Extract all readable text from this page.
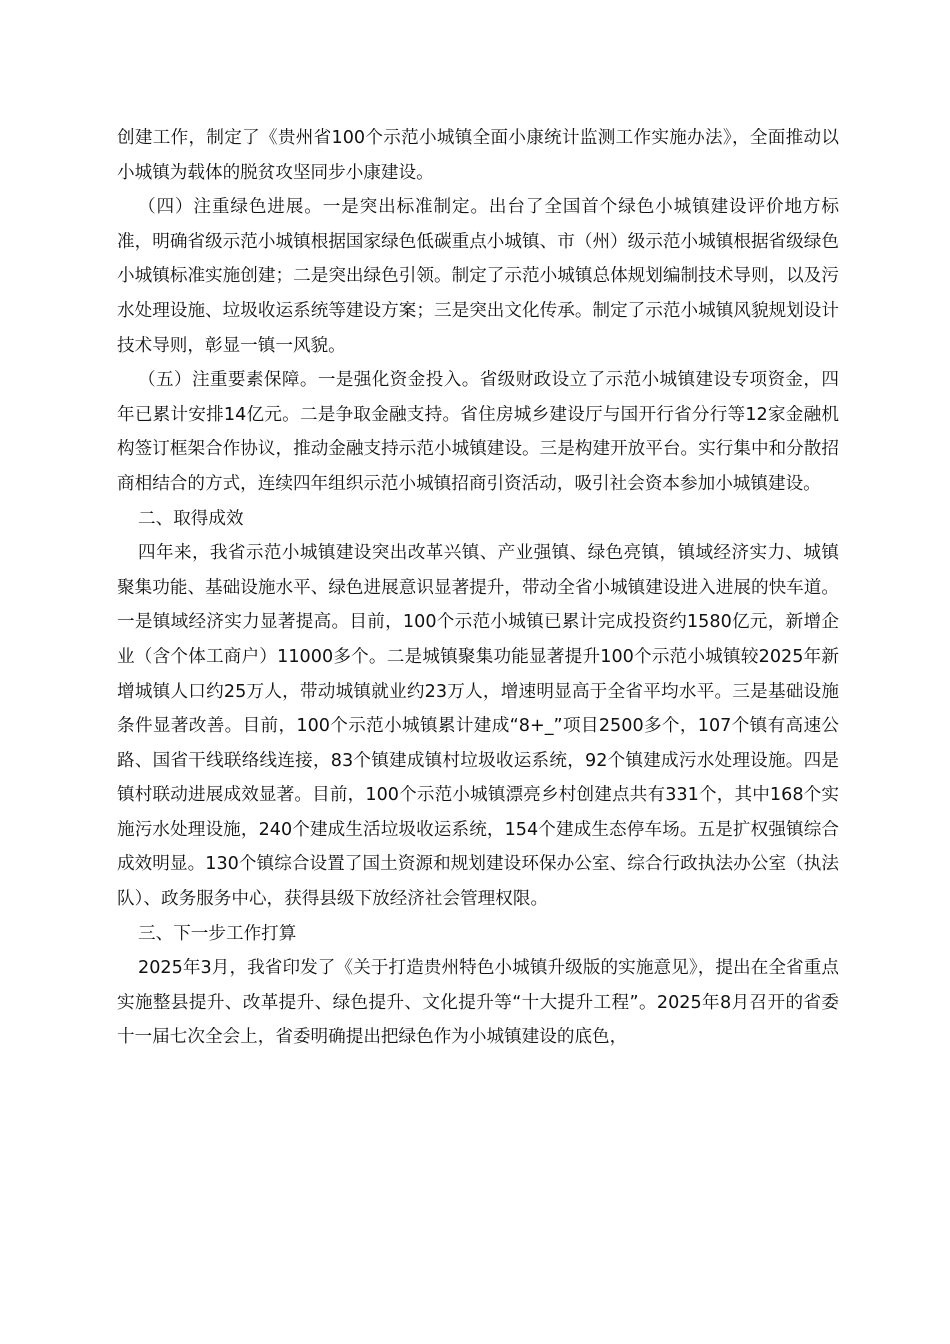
创建工作，制定了《贵州省100个示范小城镇全面小康统计监测工作实施办法》，全面推动以小城镇为载体的脱贫攻坚同步小康建设。

（四）注重绿色进展。一是突出标准制定。出台了全国首个绿色小城镇建设评价地方标准，明确省级示范小城镇根据国家绿色低碳重点小城镇、市（州）级示范小城镇根据省级绿色小城镇标准实施创建；二是突出绿色引领。制定了示范小城镇总体规划编制技术导则，以及污水处理设施、垃圾收运系统等建设方案；三是突出文化传承。制定了示范小城镇风貌规划设计技术导则，彰显一镇一风貌。

（五）注重要素保障。一是强化资金投入。省级财政设立了示范小城镇建设专项资金，四年已累计安排14亿元。二是争取金融支持。省住房城乡建设厅与国开行省分行等12家金融机构签订框架合作协议，推动金融支持示范小城镇建设。三是构建开放平台。实行集中和分散招商相结合的方式，连续四年组织示范小城镇招商引资活动，吸引社会资本参加小城镇建设。

二、取得成效

四年来，我省示范小城镇建设突出改革兴镇、产业强镇、绿色亮镇，镇域经济实力、城镇聚集功能、基础设施水平、绿色进展意识显著提升，带动全省小城镇建设进入进展的快车道。一是镇域经济实力显著提高。目前，100个示范小城镇已累计完成投资约1580亿元，新增企业（含个体工商户）11000多个。二是城镇聚集功能显著提升100个示范小城镇较2025年新增城镇人口约25万人，带动城镇就业约23万人，增速明显高于全省平均水平。三是基础设施条件显著改善。目前，100个示范小城镇累计建成“8+_”项目2500多个，107个镇有高速公路、国省干线联络线连接，83个镇建成镇村垃圾收运系统，92个镇建成污水处理设施。四是镇村联动进展成效显著。目前，100个示范小城镇漂亮乡村创建点共有331个，其中168个实施污水处理设施，240个建成生活垃圾收运系统，154个建成生态停车场。五是扩权强镇综合成效明显。130个镇综合设置了国土资源和规划建设环保办公室、综合行政执法办公室（执法队）、政务服务中心，获得县级下放经济社会管理权限。

三、下一步工作打算

2025年3月，我省印发了《关于打造贵州特色小城镇升级版的实施意见》，提出在全省重点实施整县提升、改革提升、绿色提升、文化提升等“十大提升工程”。2025年8月召开的省委十一届七次全会上，省委明确提出把绿色作为小城镇建设的底色，
